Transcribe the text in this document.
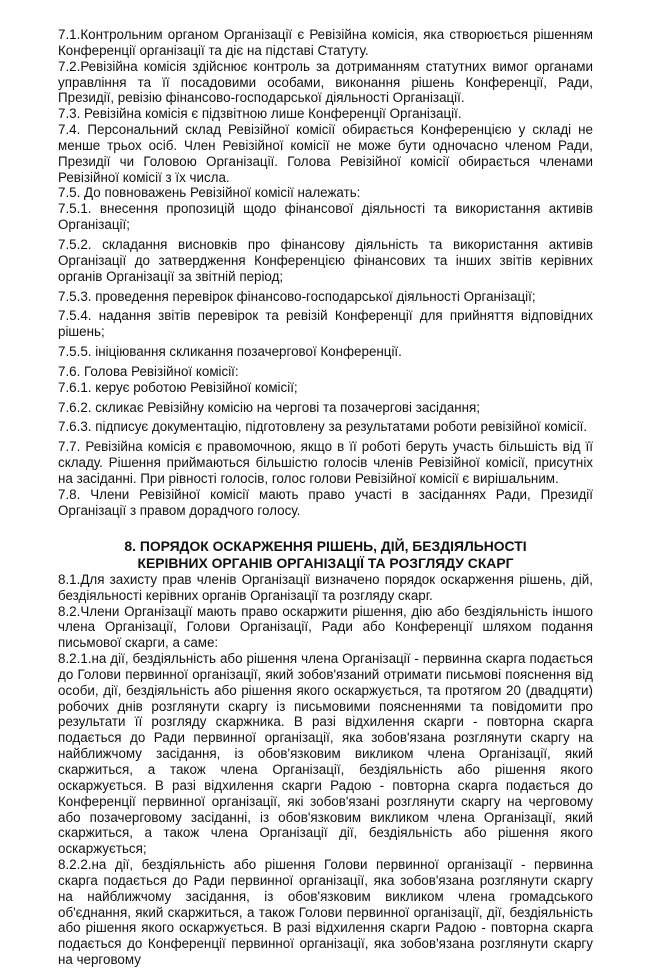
7.1.Контрольним органом Організації є Ревізійна комісія, яка створюється рішенням Конференції організації та діє на підставі Статуту.

7.2.Ревізійна комісія здійснює контроль за дотриманням статутних вимог органами управління та її посадовими особами, виконання рішень Конференції, Ради, Президії, ревізію фінансово-господарської діяльності Організації.

7.3. Ревізійна комісія є підзвітною лише Конференції Організації.

7.4. Персональний склад Ревізійної комісії обирається Конференцією у складі не менше трьох осіб. Член Ревізійної комісії не може бути одночасно членом Ради, Президії чи Головою Організації. Голова Ревізійної комісії обирається членами Ревізійної комісії з їх числа.

7.5. До повноважень Ревізійної комісії належать:

7.5.1. внесення пропозицій щодо фінансової діяльності та використання активів Організації;

7.5.2. складання висновків про фінансову діяльність та використання активів Організації до затвердження Конференцією фінансових та інших звітів керівних органів Організації за звітній період;

7.5.3. проведення перевірок фінансово-господарської діяльності Організації;

7.5.4. надання звітів перевірок та ревізій Конференції для прийняття відповідних рішень;

7.5.5. ініціювання скликання позачергової Конференції.

7.6. Голова Ревізійної комісії:

7.6.1. керує роботою Ревізійної комісії;

7.6.2. скликає Ревізійну комісію на чергові та позачергові засідання;

7.6.3. підписує документацію, підготовлену за результатами роботи ревізійної комісії.

7.7. Ревізійна комісія є правомочною, якщо в її роботі беруть участь більшість від її складу. Рішення приймаються більшістю голосів членів Ревізійної комісії, присутніх на засіданні. При рівності голосів, голос голови Ревізійної комісії є вирішальним.

7.8. Члени Ревізійної комісії мають право участі в засіданнях Ради, Президії Організації з правом дорадчого голосу.

8. ПОРЯДОК ОСКАРЖЕННЯ РІШЕНЬ, ДІЙ, БЕЗДІЯЛЬНОСТІ
КЕРІВНИХ ОРГАНІВ ОРГАНІЗАЦІЇ ТА РОЗГЛЯДУ СКАРГ

8.1.Для захисту прав членів Організації визначено порядок оскарження рішень, дій, бездіяльності керівних органів Організації та розгляду скарг.

8.2.Члени Організації мають право оскаржити рішення, дію або бездіяльність іншого члена Організації, Голови Організації, Ради або Конференції шляхом подання письмової скарги, а саме:

8.2.1.на дії, бездіяльність або рішення члена Організації - первинна скарга подається до Голови первинної організації, який зобов'язаний отримати письмові пояснення від особи, дії, бездіяльність або рішення якого оскаржується, та протягом 20 (двадцяти) робочих днів розглянути скаргу із письмовими поясненнями та повідомити про результати її розгляду скаржника. В разі відхилення скарги - повторна скарга подається до Ради первинної організації, яка зобов'язана розглянути скаргу на найближчому засідання, із обов'язковим викликом члена Організації, який скаржиться, а також члена Організації, бездіяльність або рішення якого оскаржується. В разі відхилення скарги Радою - повторна скарга подається до Конференції первинної організації, які зобов'язані розглянути скаргу на черговому або позачерговому засіданні, із обов'язковим викликом члена Організації, який скаржиться, а також члена Організації дії, бездіяльність або рішення якого оскаржується;

8.2.2.на дії, бездіяльність або рішення Голови первинної організації - первинна скарга подається до Ради первинної організації, яка зобов'язана розглянути скаргу на найближчому засідання, із обов'язковим викликом члена громадського об'єднання, який скаржиться, а також Голови первинної організації, дії, бездіяльність або рішення якого оскаржується. В разі відхилення скарги Радою - повторна скарга подається до Конференції первинної організації, яка зобов'язана розглянути скаргу на черговому
